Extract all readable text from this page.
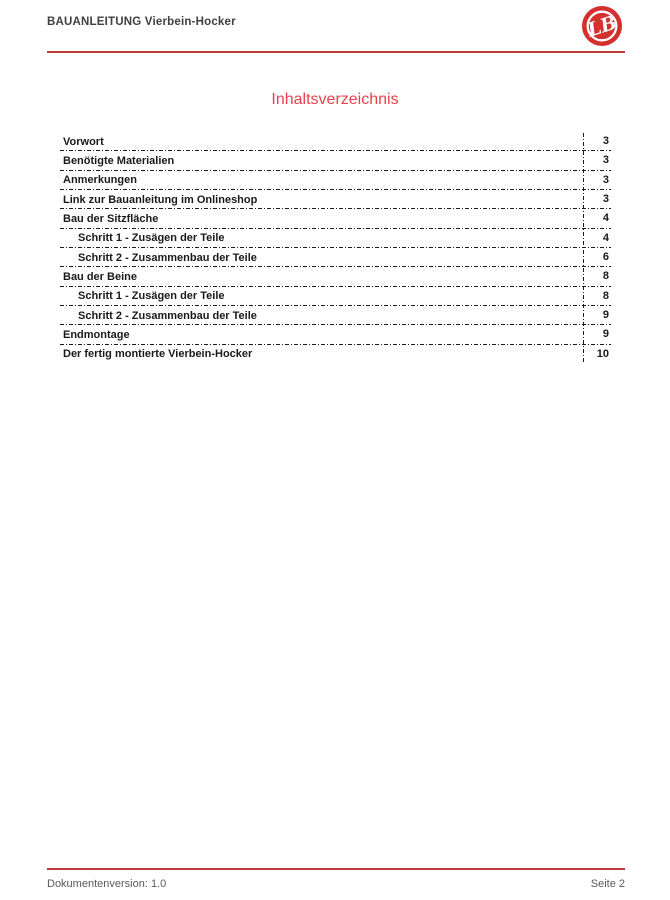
BAUANLEITUNG Vierbein-Hocker	LB
Inhaltsverzeichnis
Vorwort	3
Benötigte Materialien	3
Anmerkungen	3
Link zur Bauanleitung im Onlineshop	3
Bau der Sitzfläche	4
Schritt 1 - Zusägen der Teile	4
Schritt 2 - Zusammenbau der Teile	6
Bau der Beine	8
Schritt 1 - Zusägen der Teile	8
Schritt 2 - Zusammenbau der Teile	9
Endmontage	9
Der fertig montierte Vierbein-Hocker	10
Dokumentenversion: 1.0	Seite 2
